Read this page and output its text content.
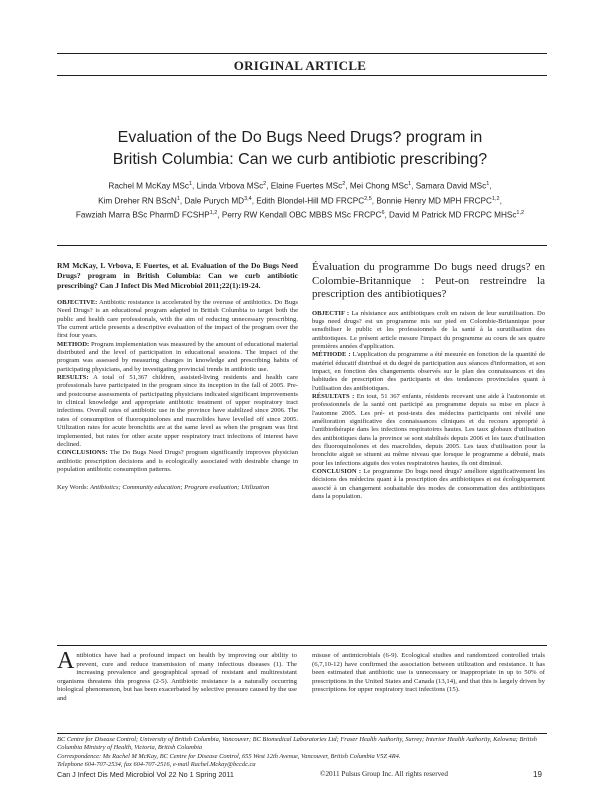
ORIGINAL ARTICLE
Evaluation of the Do Bugs Need Drugs? program in
British Columbia: Can we curb antibiotic prescribing?
Rachel M McKay MSc$^1$, Linda Vrbova MSc$^2$, Elaine Fuertes MSc$^2$, Mei Chong MSc$^1$, Samara David MSc$^1$,
Kim Dreher RN BScN$^1$, Dale Purych MD$^{3,4}$, Edith Blondel-Hill MD FRCPC$^{2,5}$, Bonnie Henry MD MPH FRCPC$^{1,2}$,
Fawziah Marra BSc PharmD FCSHP$^{1,2}$, Perry RW Kendall OBC MBBS MSc FRCPC$^6$, David M Patrick MD FRCPC MHSc$^{1,2}$

RM McKay, L Vrbova, E Fuertes, et al. Evaluation of the Do Bugs Need Drugs? program in British Columbia: Can we curb antibiotic prescribing? Can J Infect Dis Med Microbiol 2011;22(1):19-24.

OBJECTIVE: Antibiotic resistance is accelerated by the overuse of antibiotics. Do Bugs Need Drugs? is an educational program adapted in British Columbia to target both the public and health care professionals, with the aim of reducing unnecessary prescribing. The current article presents a descriptive evaluation of the impact of the program over the first four years.

METHOD: Program implementation was measured by the amount of educational material distributed and the level of participation in educational sessions. The impact of the program was assessed by measuring changes in knowledge and prescribing habits of participating physicians, and by investigating provincial trends in antibiotic use.

RESULTS: A total of 51,367 children, assisted-living residents and health care professionals have participated in the program since its inception in the fall of 2005. Pre- and postcourse assessments of participating physicians indicated significant improvements in clinical knowledge and appropriate antibiotic treatment of upper respiratory tract infections. Overall rates of antibiotic use in the province have stabilized since 2006. The rates of consumption of fluoroquinolones and macrolides have levelled off since 2005. Utilization rates for acute bronchitis are at the same level as when the program was first implemented, but rates for other acute upper respiratory tract infections of interest have declined.

CONCLUSIONS: The Do Bugs Need Drugs? program significantly improves physician antibiotic prescription decisions and is ecologically associated with desirable change in population antibiotic consumption patterns.

Key Words: Antibiotics; Community education; Program evaluation; Utilization

Évaluation du programme Do bugs need drugs? en Colombie-Britannique : Peut-on restreindre la prescription des antibiotiques?

OBJECTIF : La résistance aux antibiotiques croît en raison de leur surutilisation. Do bugs need drugs? est un programme mis sur pied en Colombie-Britannique pour sensibiliser le public et les professionnels de la santé à la surutilisation des antibiotiques. Le présent article mesure l'impact du programme au cours de ses quatre premières années d'application.

MÉTHODE : L'application du programme a été mesurée en fonction de la quantité de matériel éducatif distribué et du degré de participation aux séances d'information, et son impact, en fonction des changements observés sur le plan des connaissances et des habitudes de prescription des participants et des tendances provinciales quant à l'utilisation des antibiotiques.

RÉSULTATS : En tout, 51 367 enfants, résidents recevant une aide à l'autonomie et professionnels de la santé ont participé au programme depuis sa mise en place à l'automne 2005. Les pré- et post-tests des médecins participants ont révélé une amélioration significative des connaissances cliniques et du recours approprié à l'antibiothérapie dans les infections respiratoires hautes. Les taux globaux d'utilisation des antibiotiques dans la province se sont stabilisés depuis 2006 et les taux d'utilisation des fluoroquinolones et des macrolides, depuis 2005. Les taux d'utilisation pour la bronchite aiguë se situent au même niveau que lorsque le programme a débuté, mais pour les infections aiguës des voies respiratoires hautes, ils ont diminué.

CONCLUSION : Le programme Do bugs need drugs? améliore significativement les décisions des médecins quant à la prescription des antibiotiques et est écologiquement associé à un changement souhaitable des modes de consommation des antibiotiques dans la population.

Antibiotics have had a profound impact on health by improving our ability to prevent, cure and reduce transmission of many infectious diseases (1). The increasing prevalence and geographical spread of resistant and multiresistant organisms threatens this progress (2-5). Antibiotic resistance is a naturally occurring biological phenomenon, but has been exacerbated by selective pressure caused by the use and
misuse of antimicrobials (6-9). Ecological studies and randomized controlled trials (6,7,10-12) have confirmed the association between utilization and resistance. It has been estimated that antibiotic use is unnecessary or inappropriate in up to 50% of prescriptions in the United States and Canada (13,14), and that this is largely driven by prescriptions for upper respiratory tract infections (15).

BC Centre for Disease Control; University of British Columbia, Vancouver; BC Biomedical Laboratories Ltd; Fraser Health Authority, Surrey; Interior Health Authority, Kelowna; British Columbia Ministry of Health, Victoria, British Columbia

Correspondence: Ms Rachel M McKay, BC Centre for Disease Control, 655 West 12th Avenue, Vancouver, British Columbia V5Z 4R4.

Telephone 604-707-2534, fax 604-707-2516, e-mail Rachel.Mckay@bccdc.ca

Can J Infect Dis Med Microbiol Vol 22 No 1 Spring 2011	©2011 Pulsus Group Inc. All rights reserved	19
